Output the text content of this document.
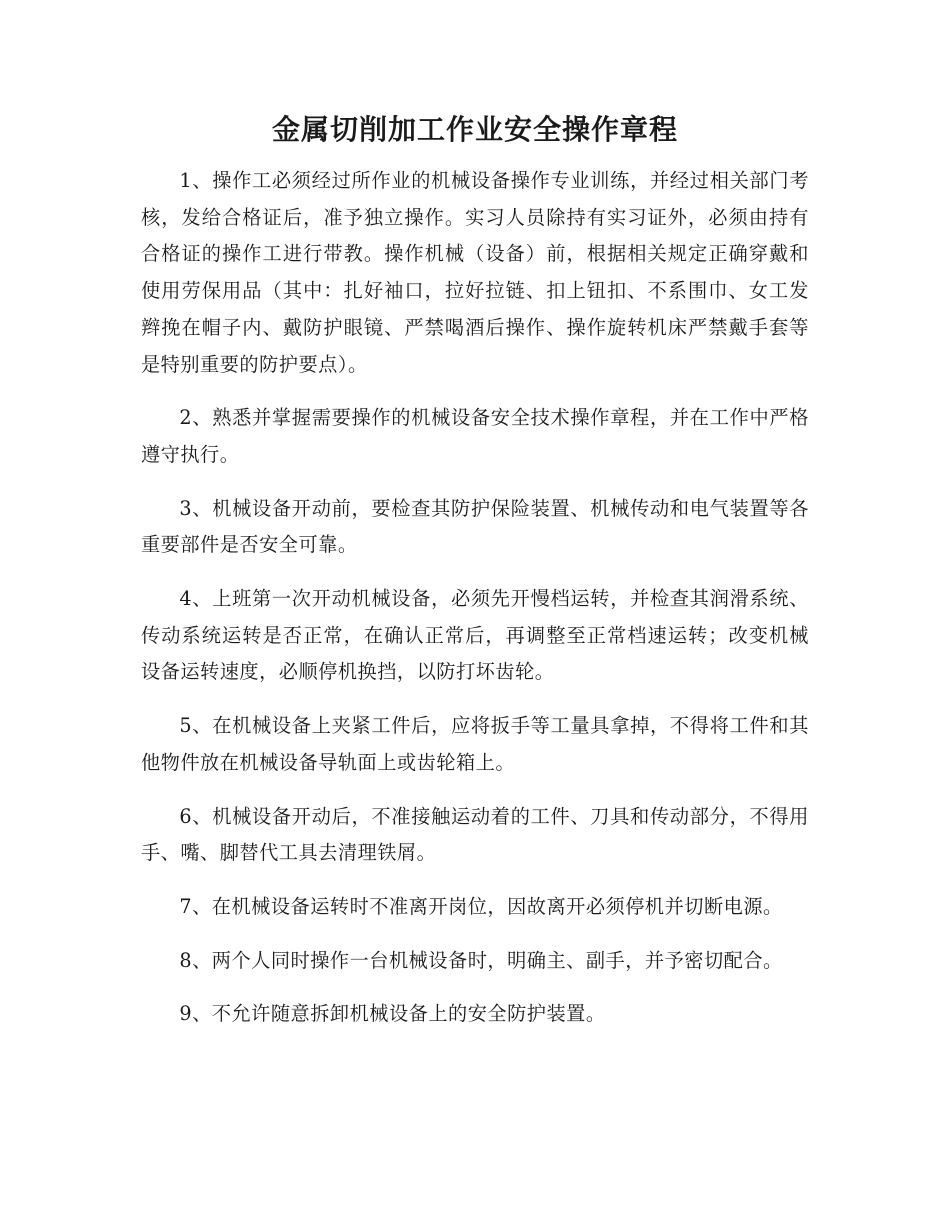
金属切削加工作业安全操作章程

1、操作工必须经过所作业的机械设备操作专业训练，并经过相关部门考核，发给合格证后，准予独立操作。实习人员除持有实习证外，必须由持有合格证的操作工进行带教。操作机械（设备）前，根据相关规定正确穿戴和使用劳保用品（其中：扎好袖口，拉好拉链、扣上钮扣、不系围巾、女工发辫挽在帽子内、戴防护眼镜、严禁喝酒后操作、操作旋转机床严禁戴手套等是特别重要的防护要点）。

2、熟悉并掌握需要操作的机械设备安全技术操作章程，并在工作中严格遵守执行。

3、机械设备开动前，要检查其防护保险装置、机械传动和电气装置等各重要部件是否安全可靠。

4、上班第一次开动机械设备，必须先开慢档运转，并检查其润滑系统、传动系统运转是否正常，在确认正常后，再调整至正常档速运转；改变机械设备运转速度，必顺停机换挡，以防打坏齿轮。

5、在机械设备上夹紧工件后，应将扳手等工量具拿掉，不得将工件和其他物件放在机械设备导轨面上或齿轮箱上。

6、机械设备开动后，不准接触运动着的工件、刀具和传动部分，不得用手、嘴、脚替代工具去清理铁屑。

7、在机械设备运转时不准离开岗位，因故离开必须停机并切断电源。

8、两个人同时操作一台机械设备时，明确主、副手，并予密切配合。

9、不允许随意拆卸机械设备上的安全防护装置。
